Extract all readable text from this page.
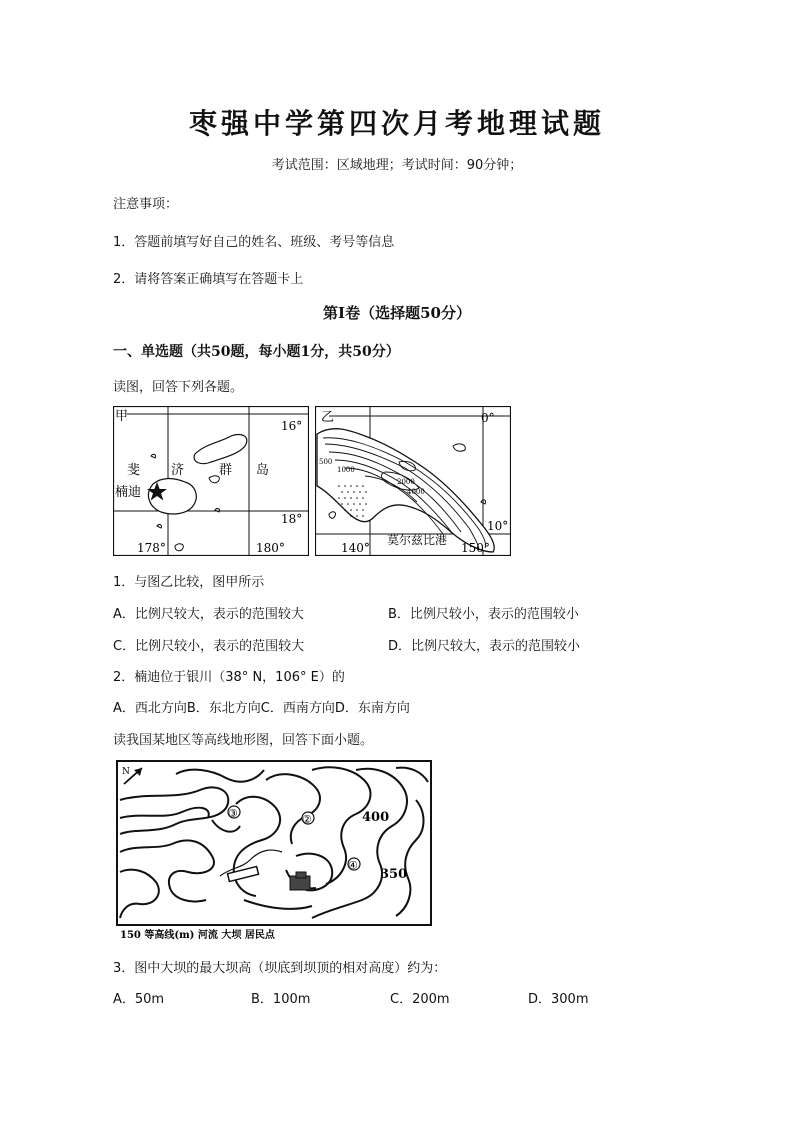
枣强中学第四次月考地理试题
考试范围：区域地理；考试时间：90分钟；
注意事项：
1．答题前填写好自己的姓名、班级、考号等信息
2．请将答案正确填写在答题卡上
第I卷（选择题50分）
一、单选题（共50题，每小题1分，共50分）
读图，回答下列各题。
甲
16°
18°
178°	180°
斐 济	群 岛
楠迪
乙	0°
10°
140°	150°
莫尔兹比港
500
1000
2000
4000
1．与图乙比较，图甲所示
A．比例尺较大，表示的范围较大	B．比例尺较小，表示的范围较小
C．比例尺较小，表示的范围较大	D．比例尺较大，表示的范围较小
2．楠迪位于银川（38° N，106° E）的
A．西北方向B．东北方向C．西南方向D．东南方向
读我国某地区等高线地形图，回答下面小题。
N
③	②
④
400
350
150 等高线(m) 河流 大坝 居民点
3．图中大坝的最大坝高（坝底到坝顶的相对高度）约为：
A．50m	B．100m	C．200m	D．300m
